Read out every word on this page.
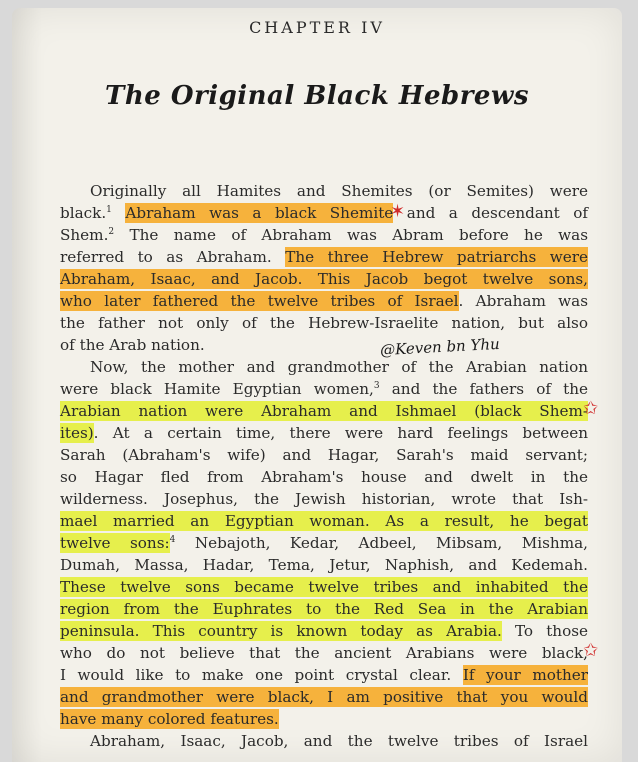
CHAPTER IV
The Original Black Hebrews
Originally all Hamites and Shemites (or Semites) were
black.$^1$ Abraham was a black Shemite and a descendant of
Shem.$^2$ The name of Abraham was Abram before he was
referred to as Abraham. The three Hebrew patriarchs were
Abraham, Isaac, and Jacob. This Jacob begot twelve sons,
who later fathered the twelve tribes of Israel. Abraham was
the father not only of the Hebrew-Israelite nation, but also
of the Arab nation.
Now, the mother and grandmother of the Arabian nation
were black Hamite Egyptian women,$^3$ and the fathers of the
Arabian nation were Abraham and Ishmael (black Shem-
ites). At a certain time, there were hard feelings between
Sarah (Abraham's wife) and Hagar, Sarah's maid servant;
so Hagar fled from Abraham's house and dwelt in the
wilderness. Josephus, the Jewish historian, wrote that Ish-
mael married an Egyptian woman. As a result, he begat
twelve sons:$^4$ Nebajoth, Kedar, Adbeel, Mibsam, Mishma,
Dumah, Massa, Hadar, Tema, Jetur, Naphish, and Kedemah.
These twelve sons became twelve tribes and inhabited the
region from the Euphrates to the Red Sea in the Arabian
peninsula. This country is known today as Arabia. To those
who do not believe that the ancient Arabians were black,
I would like to make one point crystal clear. If your mother
and grandmother were black, I am positive that you would
have many colored features.
Abraham, Isaac, Jacob, and the twelve tribes of Israel
@Keven bn Yhu
✶
✩
✩
